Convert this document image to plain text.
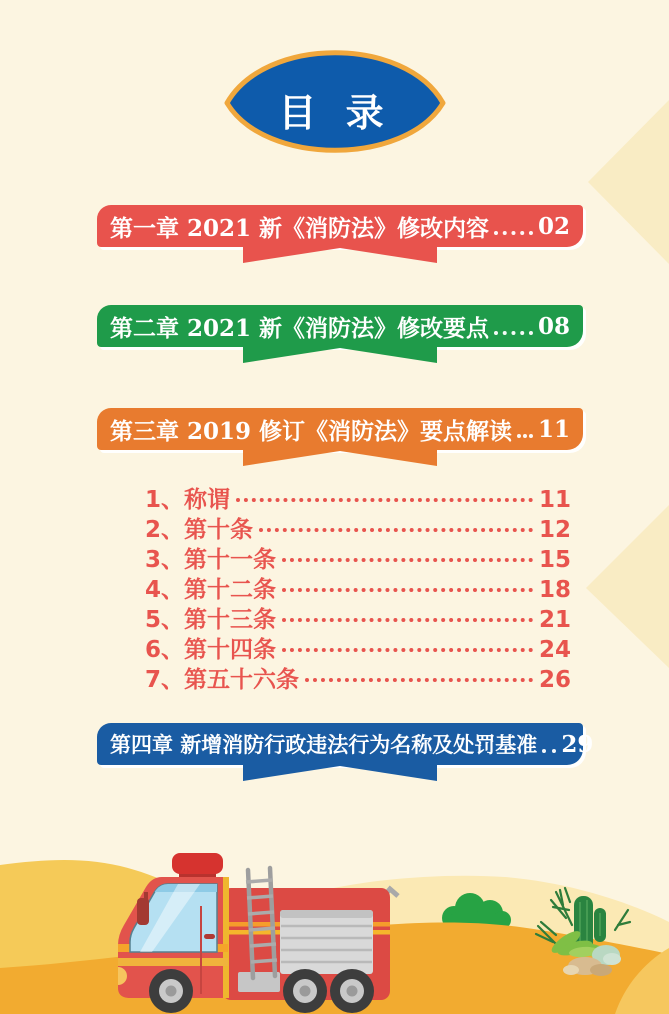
目 录
第一章 2021 新《消防法》修改内容 02
第二章 2021 新《消防法》修改要点 08
第三章 2019 修订《消防法》要点解读 11
1、称谓	11
2、第十条	12
3、第十一条	15
4、第十二条	18
5、第十三条	21
6、第十四条	24
7、第五十六条	26
第四章 新增消防行政违法行为名称及处罚基准 29
